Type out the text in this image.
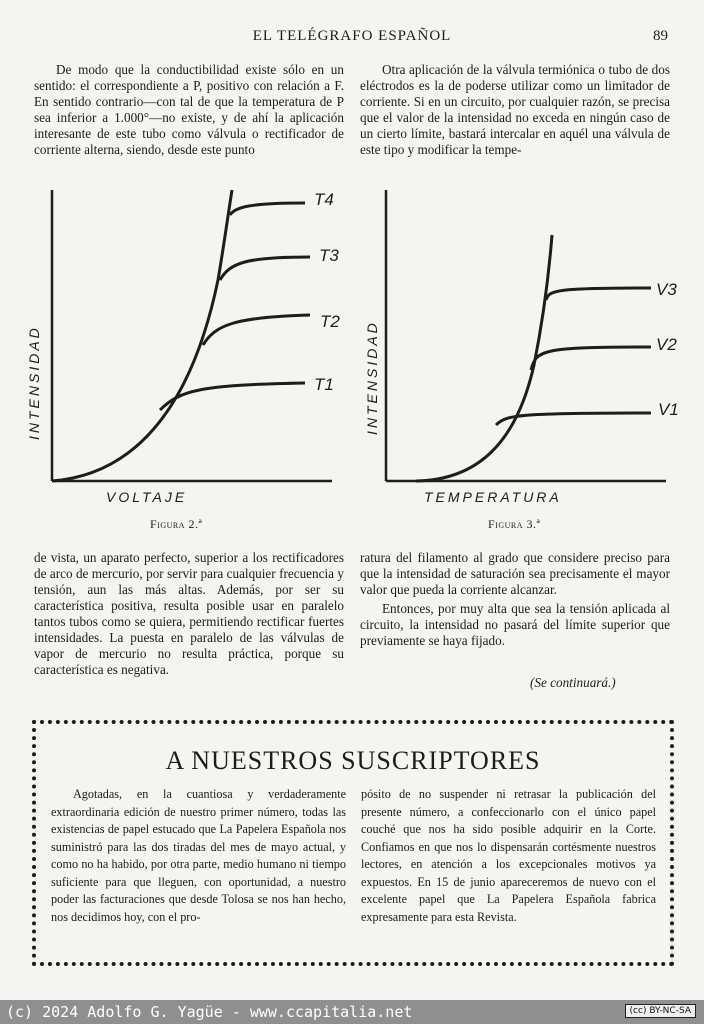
EL TELÉGRAFO ESPAÑOL	89

De modo que la conductibilidad existe sólo en un sentido: el correspondiente a P, positivo con relación a F. En sentido contrario—con tal de que la temperatura de P sea inferior a 1.000°—no existe, y de ahí la aplicación interesante de este tubo como válvula o rectificador de corriente alterna, siendo, desde este punto

Otra aplicación de la válvula termiónica o tubo de dos eléctrodos es la de poderse utilizar como un limitador de corriente. Si en un circuito, por cualquier razón, se precisa que el valor de la intensidad no exceda en ningún caso de un cierto límite, bastará intercalar en aquél una válvula de este tipo y modificar la tempe-

T4
T3
T2
T1
INTENSIDAD
VOLTAJE
Figura 2.ª
V3
V2
V1
INTENSIDAD
TEMPERATURA
Figura 3.ª

de vista, un aparato perfecto, superior a los rectificadores de arco de mercurio, por servir para cualquier frecuencia y tensión, aun las más altas. Además, por ser su característica positiva, resulta posible usar en paralelo tantos tubos como se quiera, permitiendo rectificar fuertes intensidades. La puesta en paralelo de las válvulas de vapor de mercurio no resulta práctica, porque su característica es negativa.

ratura del filamento al grado que considere preciso para que la intensidad de saturación sea precisamente el mayor valor que pueda la corriente alcanzar.

Entonces, por muy alta que sea la tensión aplicada al circuito, la intensidad no pasará del límite superior que previamente se haya fijado.

(Se continuará.)
A NUESTROS SUSCRIPTORES

Agotadas, en la cuantiosa y verdaderamente extraordinaria edición de nuestro primer número, todas las existencias de papel estucado que La Papelera Española nos suministró para las dos tiradas del mes de mayo actual, y como no ha habido, por otra parte, medio humano ni tiempo suficiente para que lleguen, con oportunidad, a nuestro poder las facturaciones que desde Tolosa se nos han hecho, nos decidimos hoy, con el pro-

pósito de no suspender ni retrasar la publicación del presente número, a confeccionarlo con el único papel couché que nos ha sido posible adquirir en la Corte. Confiamos en que nos lo dispensarán cortésmente nuestros lectores, en atención a los excepcionales motivos ya expuestos. En 15 de junio apareceremos de nuevo con el excelente papel que La Papelera Española fabrica expresamente para esta Revista.

(c) 2024 Adolfo G. Yagüe - www.ccapitalia.net	(cc) BY-NC-SA
